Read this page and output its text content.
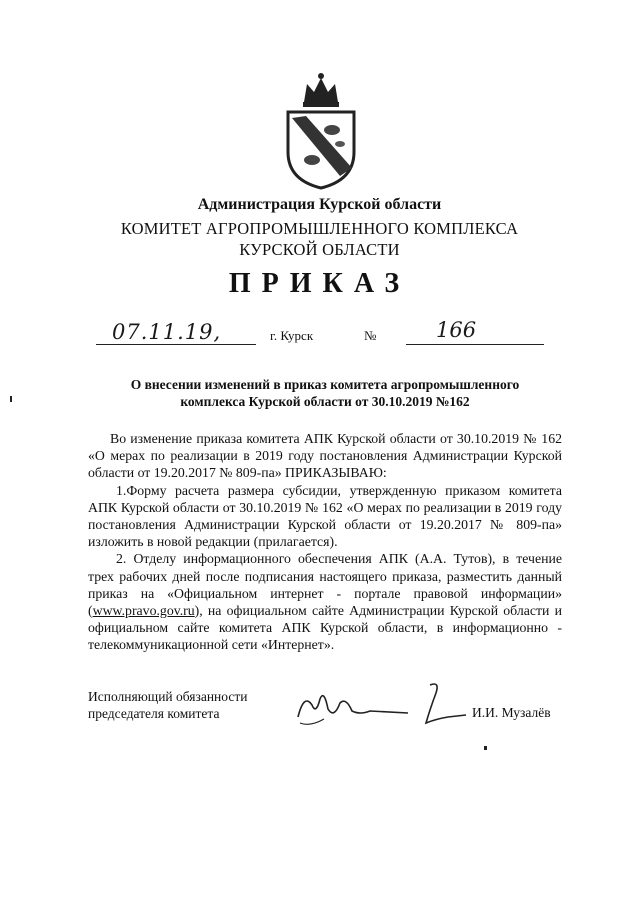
Администрация Курской области
КОМИТЕТ АГРОПРОМЫШЛЕННОГО КОМПЛЕКСА
КУРСКОЙ ОБЛАСТИ
ПРИКАЗ
07.11.19,	г. Курск	№	166
О внесении изменений в приказ комитета агропромышленного
комплекса Курской области от 30.10.2019 №162

Во изменение приказа комитета АПК Курской области от 30.10.2019 № 162 «О мерах по реализации в 2019 году постановления Администрации Курской области от 19.20.2017 № 809-па» ПРИКАЗЫВАЮ:

1.Форму расчета размера субсидии, утвержденную приказом комитета АПК Курской области от 30.10.2019 № 162 «О мерах по реализации в 2019 году постановления Администрации Курской области от 19.20.2017 № 809-па» изложить в новой редакции (прилагается).

2. Отделу информационного обеспечения АПК (А.А. Тутов), в течение трех рабочих дней после подписания настоящего приказа, разместить данный приказ на «Официальном интернет - портале правовой информации» (www.pravo.gov.ru), на официальном сайте Администрации Курской области и официальном сайте комитета АПК Курской области, в информационно - телекоммуникационной сети «Интернет».

Исполняющий обязанности
председателя комитета	И.И. Музалёв
